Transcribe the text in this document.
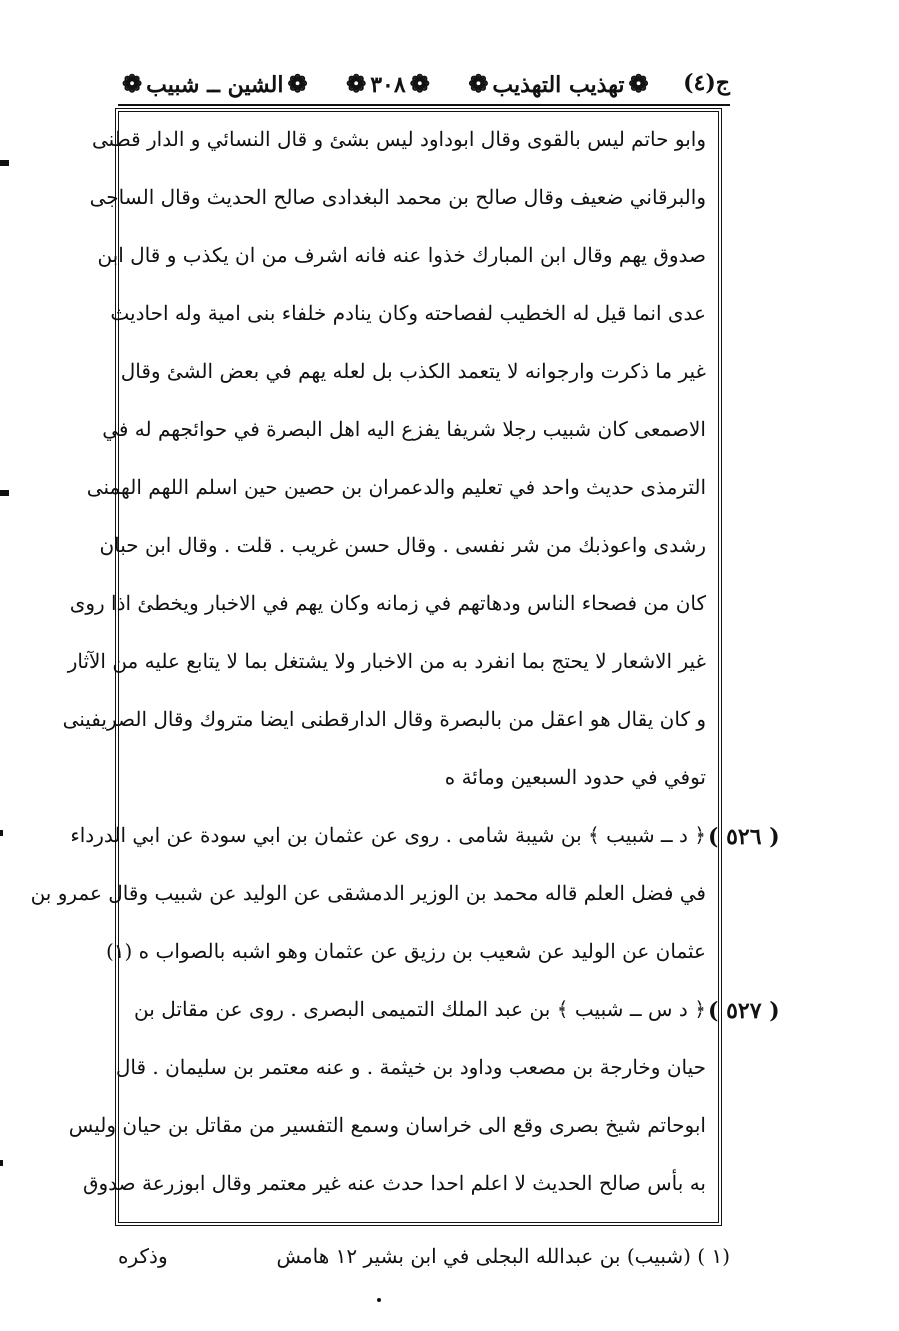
ج(٤)
❁تهذيب التهذيب❁
❁٣٠٨❁
❁الشين ــ شبيب❁
وابو حاتم ليس بالقوى وقال ابوداود ليس بشئ و قال النسائي و الدار قطنى
والبرقاني ضعيف وقال صالح بن محمد البغدادى صالح الحديث وقال الساجى
صدوق يهم وقال ابن المبارك خذوا عنه فانه اشرف من ان يكذب و قال ابن
عدى انما قيل له الخطيب لفصاحته وكان ينادم خلفاء بنى امية وله احاديث
غير ما ذكرت وارجوانه لا يتعمد الكذب بل لعله يهم في بعض الشئ وقال
الاصمعى كان شبيب رجلا شريفا يفزع اليه اهل البصرة في حوائجهم له في
الترمذى حديث واحد في تعليم والدعمران بن حصين حين اسلم اللهم الهمنى
رشدى واعوذبك من شر نفسى . وقال حسن غريب . قلت . وقال ابن حبان
كان من فصحاء الناس ودهاتهم في زمانه وكان يهم في الاخبار ويخطئ اذا روى
غير الاشعار لا يحتج بما انفرد به من الاخبار ولا يشتغل بما لا يتابع عليه من الآثار
و كان يقال هو اعقل من بالبصرة وقال الدارقطنى ايضا متروك وقال الصريفينى
توفي في حدود السبعين ومائة ه
﴿ د ــ شبيب ﴾ بن شيبة شامى . روى عن عثمان بن ابي سودة عن ابي الدرداء
في فضل العلم قاله محمد بن الوزير الدمشقى عن الوليد عن شبيب وقال عمرو بن
عثمان عن الوليد عن شعيب بن رزيق عن عثمان وهو اشبه بالصواب ه (١)
﴿ د س ــ شبيب ﴾ بن عبد الملك التميمى البصرى . روى عن مقاتل بن
حيان وخارجة بن مصعب وداود بن خيثمة . و عنه معتمر بن سليمان . قال
ابوحاتم شيخ بصرى وقع الى خراسان وسمع التفسير من مقاتل بن حيان وليس
به بأس صالح الحديث لا اعلم احدا حدث عنه غير معتمر وقال ابوزرعة صدوق
( ٥٢٦ )
( ٥٢٧ )
(١ ) (شبيب) بن عبدالله البجلى في ابن بشير ١٢ هامش
وذكره
